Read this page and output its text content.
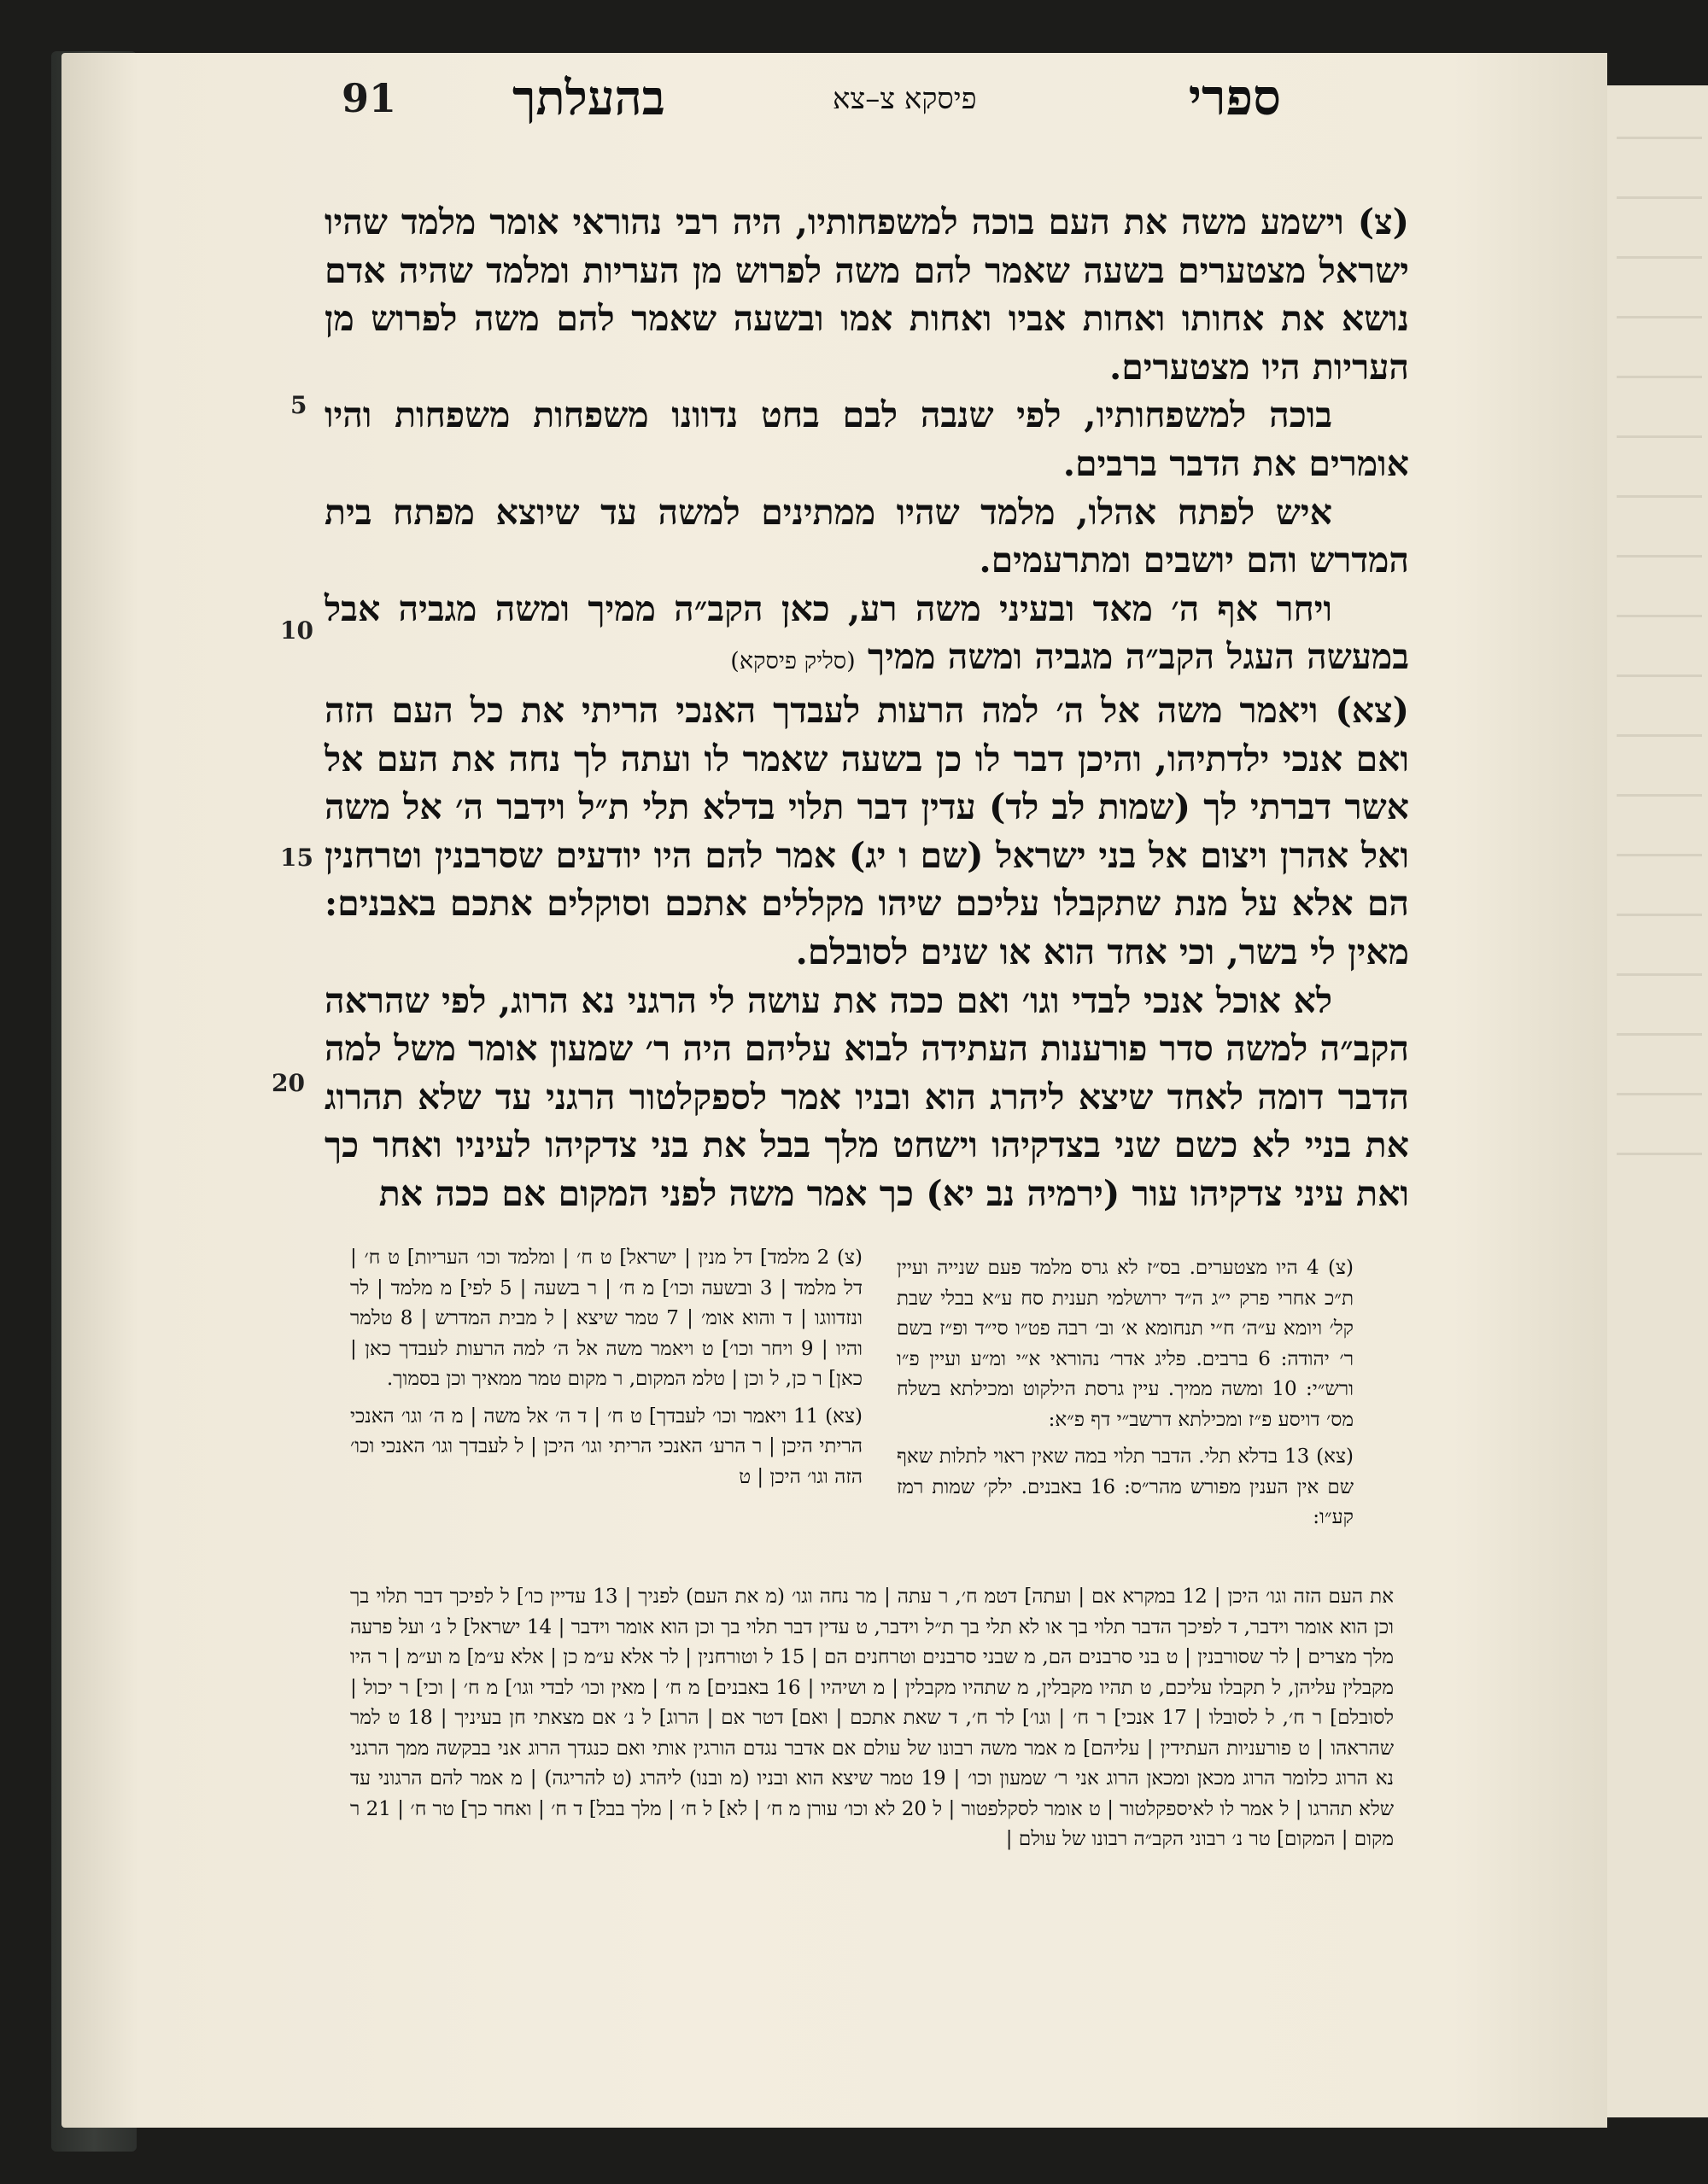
91 בהעלתך	פיסקא צ–צא	ספרי

(צ) וישמע משה את העם בוכה למשפחותיו, היה רבי נהוראי אומר מלמד שהיו ישראל מצטערים בשעה שאמר להם משה לפרוש מן העריות ומלמד שהיה אדם נושא את אחותו ואחות אביו ואחות אמו ובשעה שאמר להם משה לפרוש מן העריות היו מצטערים.

בוכה למשפחותיו, לפי שנבה לבם בחט נדוונו משפחות משפחות והיו אומרים את הדבר ברבים.

איש לפתח אהלו, מלמד שהיו ממתינים למשה עד שיוצא מפתח בית המדרש והם יושבים ומתרעמים.

ויחר אף ה׳ מאד ובעיני משה רע, כאן הקב״ה ממיך ומשה מגביה אבל במעשה העגל הקב״ה מגביה ומשה ממיך (סליק פיסקא)

(צא) ויאמר משה אל ה׳ למה הרעות לעבדך האנכי הריתי את כל העם הזה ואם אנכי ילדתיהו, והיכן דבר לו כן בשעה שאמר לו ועתה לך נחה את העם אל אשר דברתי לך (שמות לב לד) עדין דבר תלוי בדלא תלי ת״ל וידבר ה׳ אל משה ואל אהרן ויצום אל בני ישראל (שם ו יג) אמר להם היו יודעים שסרבנין וטרחנין הם אלא על מנת שתקבלו עליכם שיהו מקללים אתכם וסוקלים אתכם באבנים: מאין לי בשר, וכי אחד הוא או שנים לסובלם.

לא אוכל אנכי לבדי וגו׳ ואם ככה את עושה לי הרגני נא הרוג, לפי שהראה הקב״ה למשה סדר פורענות העתידה לבוא עליהם היה ר׳ שמעון אומר משל למה הדבר דומה לאחד שיצא ליהרג הוא ובניו אמר לספקלטור הרגני עד שלא תהרוג את בניי לא כשם שני בצדקיהו וישחט מלך בבל את בני צדקיהו לעיניו ואחר כך ואת עיני צדקיהו עור (ירמיה נב יא) כך אמר משה לפני המקום אם ככה את

5
10
15
20

(צ) 4 היו מצטערים. בס״ז לא גרס מלמד פעם שנייה ועיין ת״כ אחרי פרק י״ג ה״ד ירושלמי תענית סח ע״א בבלי שבת קל׳ ויומא ע״ה׳ ח״י תנחומא א׳ וב׳ רבה פט״ו סי״ד ופ״ז בשם ר׳ יהודה: 6 ברבים. פליג אדר׳ נהוראי א״י ומ״ע ועיין פ״ו ורש״י: 10 ומשה ממיך. עיין גרסת הילקוט ומכילתא בשלח מס׳ דויסע פ״ז ומכילתא דרשב״י דף פ״א:

(צא) 13 בדלא תלי. הדבר תלוי במה שאין ראוי לתלות שאף שם אין הענין מפורש מהר״ס: 16 באבנים. ילק׳ שמות רמז קע״ו:

(צ) 2 מלמד] דל מנין | ישראל] ט ח׳ | ומלמד וכו׳ העריות] ט ח׳ | דל מלמד | 3 ובשעה וכו׳] מ ח׳ | ר בשעה | 5 לפי] מ מלמד | לר ונזדווגו | ד והוא אומ׳ | 7 טמר שיצא | ל מבית המדרש | 8 טלמר והיו | 9 ויחר וכו׳] ט ויאמר משה אל ה׳ למה הרעות לעבדך כאן | כאן] ר כן, ל וכן | טלמ המקום, ר מקום טמר ממאיך וכן בסמוך.

(צא) 11 ויאמר וכו׳ לעבדך] ט ח׳ | ד ה׳ אל משה | מ ה׳ וגו׳ האנכי הריתי היכן | ר הרע׳ האנכי הריתי וגו׳ היכן | ל לעבדך וגו׳ האנכי וכו׳ הזה וגו׳ היכן | ט

את העם הזה וגו׳ היכן | 12 במקרא אם | ועתה] דטמ ח׳, ר עתה | מר נחה וגו׳ (מ את העם) לפניך | 13 עדיין כו׳] ל לפיכך דבר תלוי בך וכן הוא אומר וידבר, ד לפיכך הדבר תלוי בך או לא תלי בך ת״ל וידבר, ט עדין דבר תלוי בך וכן הוא אומר וידבר | 14 ישראל] ל נ׳ ועל פרעה מלך מצרים | לר שסורבנין | ט בני סרבנים הם, מ שבני סרבנים וטרחנים הם | 15 ל וטורחנין | לר אלא ע״מ כן | אלא ע״מ] מ וע״מ | ר היו מקבלין עליהן, ל תקבלו עליכם, ט תהיו מקבלין, מ שתהיו מקבלין | מ ושיהיו | 16 באבנים] מ ח׳ | מאין וכו׳ לבדי וגו׳] מ ח׳ | וכי] ר יכול | לסובלם] ר ח׳, ל לסובלו | 17 אנכי] ר ח׳ | וגו׳] לר ח׳, ד שאת אתכם | ואם] דטר אם | הרוג] ל נ׳ אם מצאתי חן בעיניך | 18 ט למר שהראהו | ט פורעניות העתידין | עליהם] מ אמר משה רבונו של עולם אם אדבר נגדם הורגין אותי ואם כנגדך הרוג אני בבקשה ממך הרגני נא הרוג כלומר הרוג מכאן ומכאן הרוג אני ר׳ שמעון וכו׳ | 19 טמר שיצא הוא ובניו (מ ובנו) ליהרג (ט להריגה) | מ אמר להם הרגוני עד שלא תהרגו | ל אמר לו לאיספקלטור | ט אומר לסקלפטור | ל 20 לא וכו׳ עורן מ ח׳ | לא] ל ח׳ | מלך בבל] ד ח׳ | ואחר כך] טר ח׳ | 21 ר מקום | המקום] טר נ׳ רבוני הקב״ה רבונו של עולם |
